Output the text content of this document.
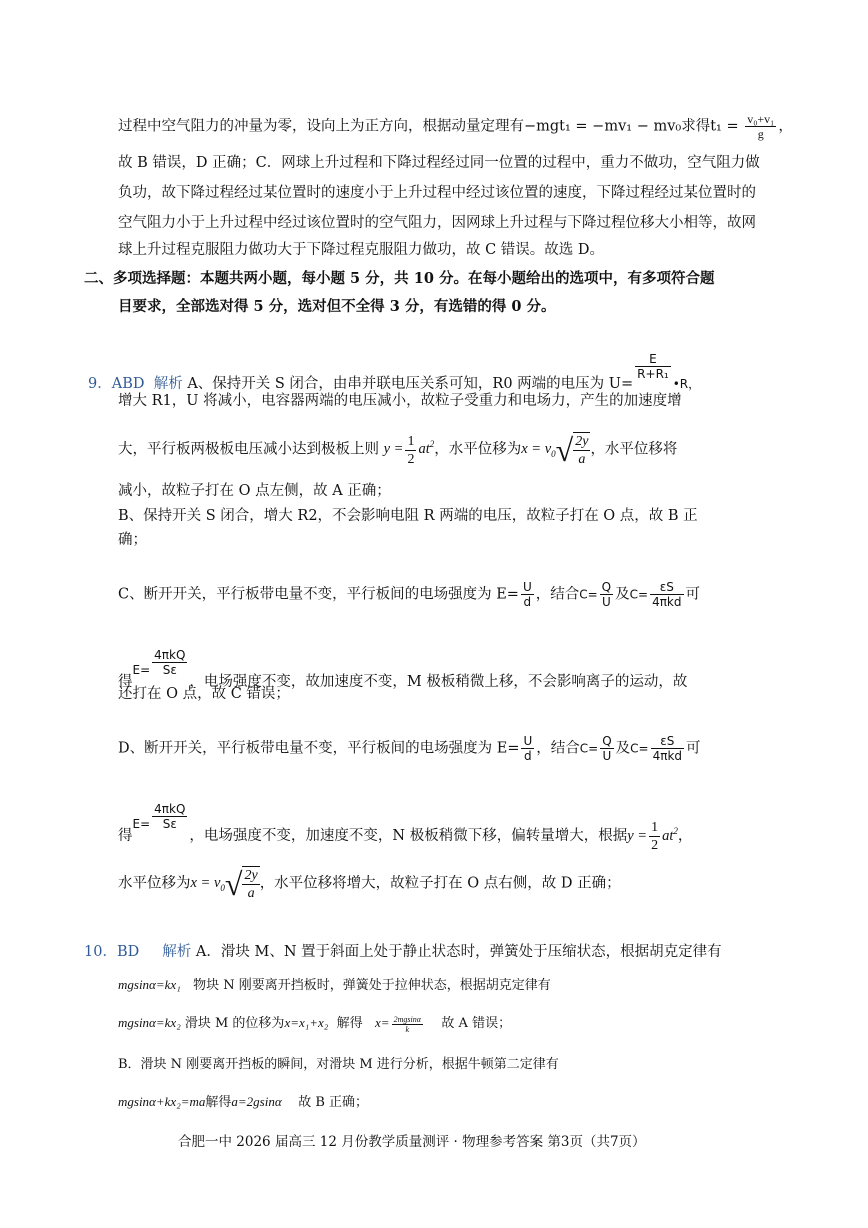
过程中空气阻力的冲量为零，设向上为正方向，根据动量定理有−mgt₁ = −mv₁ − mv₀求得$t_1 = \frac{\text{v₀+v₁}}{g}$ ，
故 B 错误，D 正确；C．网球上升过程和下降过程经过同一位置的过程中，重力不做功，空气阻力做
负功，故下降过程经过某位置时的速度小于上升过程中经过该位置的速度，下降过程经过某位置时的
空气阻力小于上升过程中经过该位置时的空气阻力，因网球上升过程与下降过程位移大小相等，故网
球上升过程克服阻力做功大于下降过程克服阻力做功，故 C 错误。故选 D。
二、多项选择题：本题共两小题，每小题 5 分，共 10 分。在每小题给出的选项中，有多项符合题
目要求，全部选对得 5 分，选对但不全得 3 分，有选错的得 0 分。
9．ABD 解析 A、保持开关 S 闭合，由串并联电压关系可知，R0 两端的电压为 U=
$\frac{E}{\text{R+R₁}}$
•R，
增大 R1，U 将减小，电容器两端的电压减小，故粒子受重力和电场力，产生的加速度增
大，平行板两极板电压减小达到极板上则 $y = \frac{1}{2} at^2$，水平位移为$x = v_0√ \frac{2y}{a}$ ，水平位移将
减小，故粒子打在 O 点左侧，故 A 正确；
B、保持开关 S 闭合，增大 R2，不会影响电阻 R 两端的电压，故粒子打在 O 点，故 B 正
确；
C、断开开关，平行板带电量不变，平行板间的电场强度为 $E= \frac{U}{d}$ ，结合$C= \frac{Q}{U}$ 及$C= \frac{\varepsilon S}{\text{4πkd}}$ 可
得$^{E=} \frac{\text{4πkQ}}{S\varepsilon}$
，电场强度不变，故加速度不变，M 极板稍微上移，不会影响离子的运动，故
还打在 O 点，故 C 错误；
D、断开开关，平行板带电量不变，平行板间的电场强度为 $E= \frac{U}{d}$ ，结合$C= \frac{Q}{U}$ 及$C= \frac{\varepsilon S}{\text{4πkd}}$ 可
得$^{E=} \frac{\text{4πkQ}}{S\varepsilon}$
，电场强度不变，加速度不变，N 极板稍微下移，偏转量增大，根据$y = \frac{1}{2} at^2$，
水平位移为$x = v_0√ \frac{2y}{a}$ ，水平位移将增大，故粒子打在 O 点右侧，故 D 正确；
10．BD 解析 A．滑块 M、N 置于斜面上处于静止状态时，弹簧处于压缩状态，根据胡克定律有
mgsinα=kx₁ 物块 N 刚要离开挡板时，弹簧处于拉伸状态，根据胡克定律有
mgsinα=kx₂ 滑块 M 的位移为x=x₁+x₂ 解得 $x= \frac{2mgsin\alpha}{k}$ 故 A 错误；
B．滑块 N 刚要离开挡板的瞬间，对滑块 M 进行分析，根据牛顿第二定律有
mgsinα+kx₂=ma解得a=2gsinα 故 B 正确；
合肥一中 2026 届高三 12 月份教学质量测评 · 物理参考答案 第3页（共7页）
